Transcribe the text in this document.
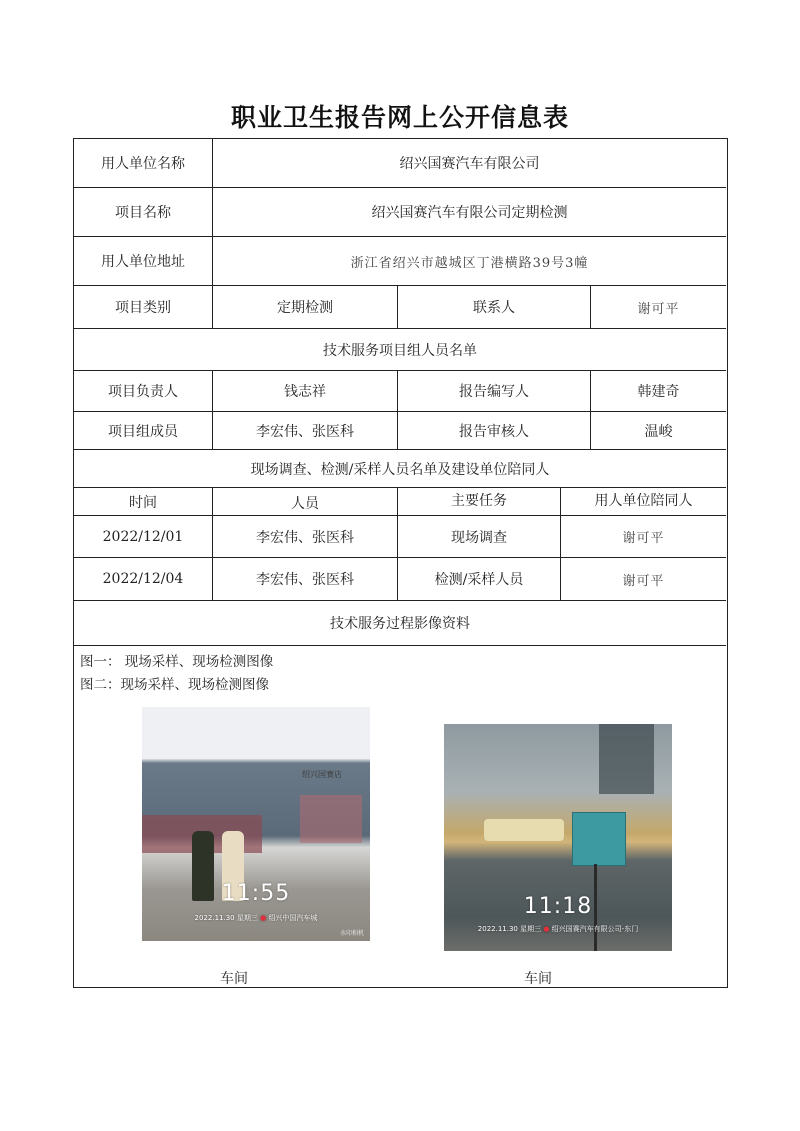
职业卫生报告网上公开信息表
用人单位名称	绍兴国赛汽车有限公司
项目名称	绍兴国赛汽车有限公司定期检测
用人单位地址	浙江省绍兴市越城区丁港横路39号3幢
项目类别	定期检测	联系人	谢可平
技术服务项目组人员名单
项目负责人	钱志祥	报告编写人	韩建奇
项目组成员	李宏伟、张医科	报告审核人	温峻
现场调查、检测/采样人员名单及建设单位陪同人
时间	人员	主要任务	用人单位陪同人
2022/12/01	李宏伟、张医科	现场调查	谢可平
2022/12/04	李宏伟、张医科	检测/采样人员	谢可平
技术服务过程影像资料
图一： 现场采样、现场检测图像
图二：现场采样、现场检测图像
绍兴国赛店
11:55
2022.11.30 星期三 ● 绍兴中国汽车城
水印相机
11:18
2022.11.30 星期三 ● 绍兴国赛汽车有限公司-东门
车间	车间
